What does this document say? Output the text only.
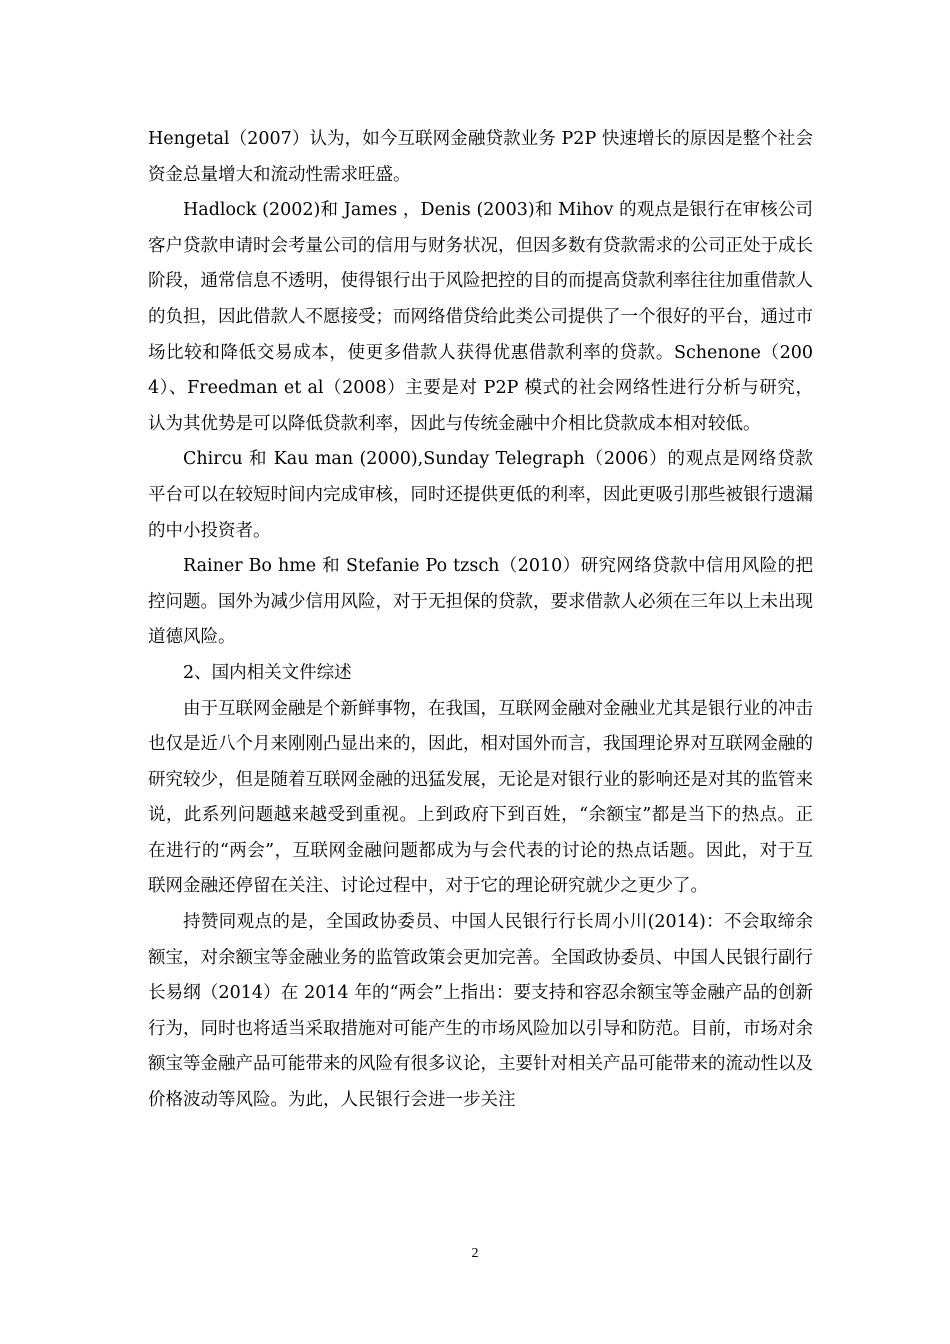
Hengetal（2007）认为，如今互联网金融贷款业务 P2P 快速增长的原因是整个社会资金总量增大和流动性需求旺盛。

Hadlock (2002)和 James ，Denis (2003)和 Mihov 的观点是银行在审核公司客户贷款申请时会考量公司的信用与财务状况，但因多数有贷款需求的公司正处于成长阶段，通常信息不透明，使得银行出于风险把控的目的而提高贷款利率往往加重借款人的负担，因此借款人不愿接受；而网络借贷给此类公司提供了一个很好的平台，通过市场比较和降低交易成本，使更多借款人获得优惠借款利率的贷款。Schenone（2004）、Freedman et al（2008）主要是对 P2P 模式的社会网络性进行分析与研究，认为其优势是可以降低贷款利率，因此与传统金融中介相比贷款成本相对较低。

Chircu 和 Kau man (2000),Sunday Telegraph（2006）的观点是网络贷款平台可以在较短时间内完成审核，同时还提供更低的利率，因此更吸引那些被银行遗漏的中小投资者。

Rainer Bo hme 和 Stefanie Po tzsch（2010）研究网络贷款中信用风险的把控问题。国外为减少信用风险，对于无担保的贷款，要求借款人必须在三年以上未出现道德风险。

2、国内相关文件综述

由于互联网金融是个新鲜事物，在我国，互联网金融对金融业尤其是银行业的冲击也仅是近八个月来刚刚凸显出来的，因此，相对国外而言，我国理论界对互联网金融的研究较少，但是随着互联网金融的迅猛发展，无论是对银行业的影响还是对其的监管来说，此系列问题越来越受到重视。上到政府下到百姓，“余额宝”都是当下的热点。正在进行的“两会”，互联网金融问题都成为与会代表的讨论的热点话题。因此，对于互联网金融还停留在关注、讨论过程中，对于它的理论研究就少之更少了。

持赞同观点的是，全国政协委员、中国人民银行行长周小川(2014)：不会取缔余额宝，对余额宝等金融业务的监管政策会更加完善。全国政协委员、中国人民银行副行长易纲（2014）在 2014 年的“两会”上指出：要支持和容忍余额宝等金融产品的创新行为，同时也将适当采取措施对可能产生的市场风险加以引导和防范。目前，市场对余额宝等金融产品可能带来的风险有很多议论，主要针对相关产品可能带来的流动性以及价格波动等风险。为此，人民银行会进一步关注

2
